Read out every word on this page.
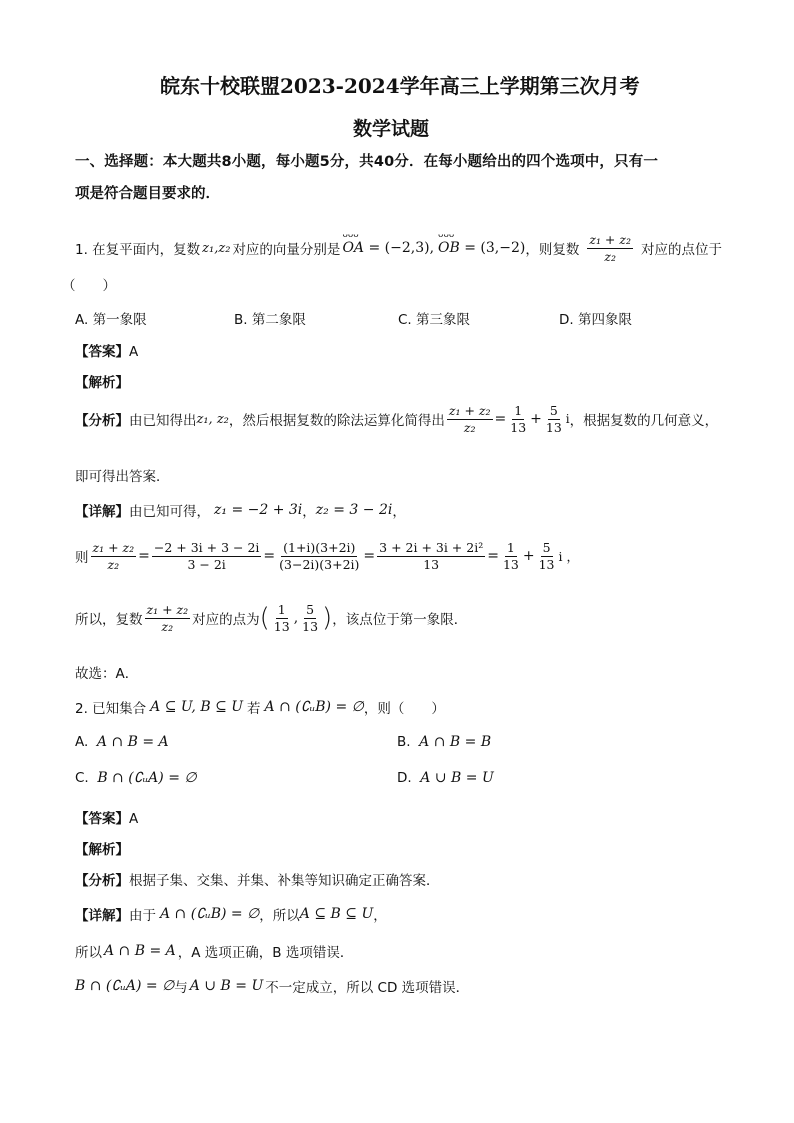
皖东十校联盟2023-2024学年高三上学期第三次月考
数学试题
一、选择题：本大题共8小题，每小题5分，共40分．在每小题给出的四个选项中，只有一
项是符合题目要求的．
1. 在复平面内，复数 z₁,z₂ 对应的向量分别是
ᴗᴗᴗ
OA = (−2,3),
ᴗᴗᴗ
OB = (3,−2) ，则复数 $\frac{\text{z₁ + z₂}}{\text{z₂}}$ 对应的点位于
（　　）
A. 第一象限	B. 第二象限	C. 第三象限	D. 第四象限
【答案】A
【解析】
【分析】 由已知得出 z₁, z₂ ，然后根据复数的除法运算化简得出 $\frac{\text{z₁ + z₂}}{\text{z₂}} = \frac{1}{13} + \frac{5}{13}$ i ，根据复数的几何意义，
即可得出答案．
【详解】 由已知可得， z₁ = −2 + 3i ， z₂ = 3 − 2i ，
则 $\frac{\text{z₁ + z₂}}{\text{z₂}} = \frac{-2 + 3i + 3 - 2i}{3 - 2i} = \frac{(1+i)(3+2i)}{(3-2i)(3+2i)} = \frac{\text{3 + 2i + 3i + 2i²}}{13} = \frac{1}{13} + \frac{5}{13}$ i ，
所以，复数 $\frac{\text{z₁ + z₂}}{\text{z₂}}$ 对应的点为 ( $\frac{1}{13}$ , $\frac{5}{13}$ ) ，该点位于第一象限．
故选：A．
2. 已知集合 A ⊆ U, B ⊆ U 若 A ∩ (∁ᵤB) = ∅ ，则（　　）
A. A ∩ B = A	B. A ∩ B = B
C. B ∩ (∁ᵤA) = ∅	D. A ∪ B = U
【答案】A
【解析】
【分析】根据子集、交集、并集、补集等知识确定正确答案．
【详解】 由于 A ∩ (∁ᵤB) = ∅ ，所以 A ⊆ B ⊆ U ，
所以 A ∩ B = A ，A 选项正确，B 选项错误．
B ∩ (∁ᵤA) = ∅ 与 A ∪ B = U 不一定成立，所以 CD 选项错误．
